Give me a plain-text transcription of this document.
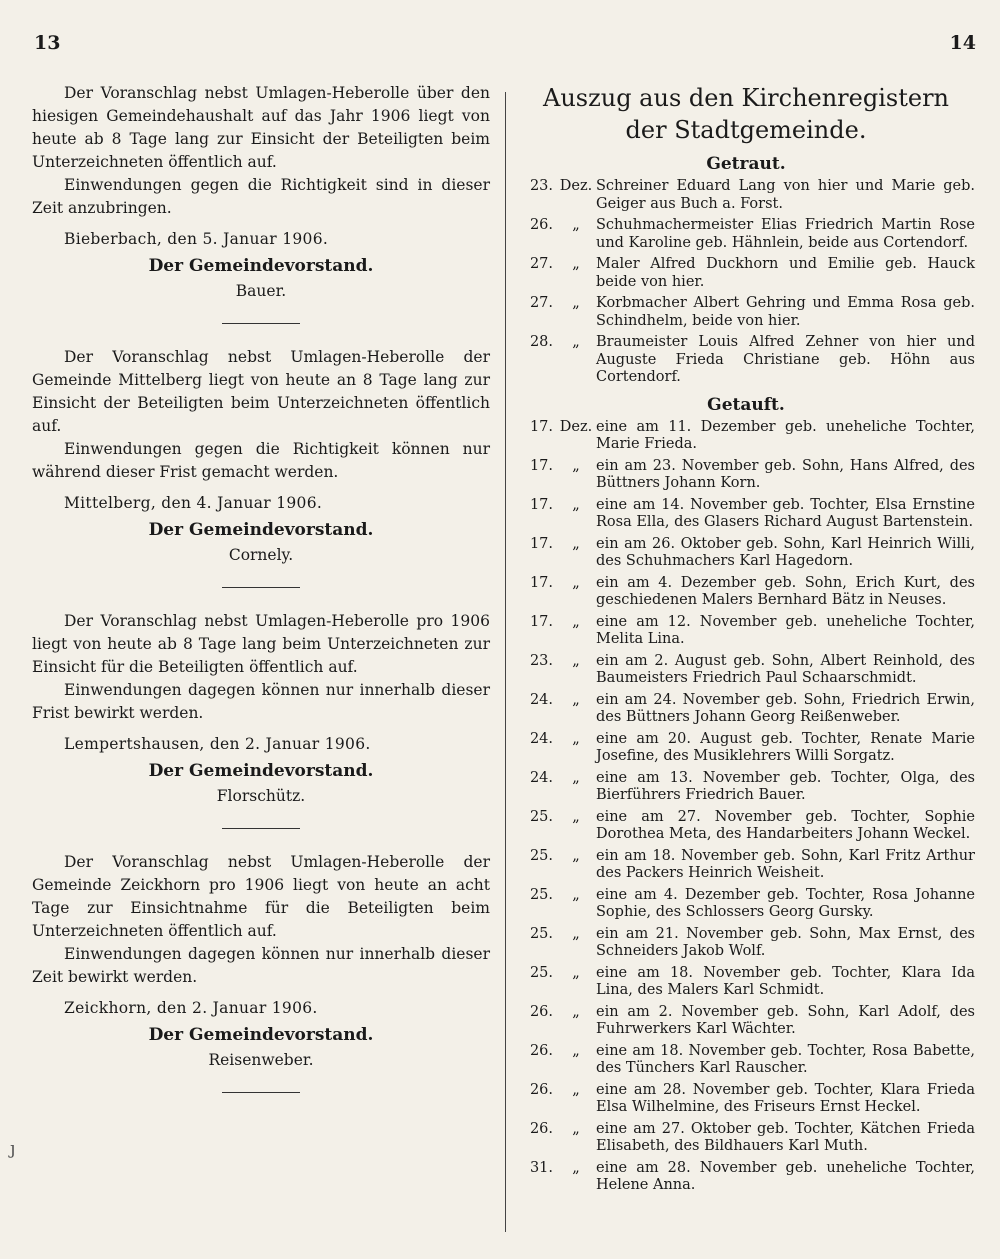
13	14

Der Voranschlag nebst Umlagen-Heberolle über den hiesigen Gemeindehaushalt auf das Jahr 1906 liegt von heute ab 8 Tage lang zur Einsicht der Beteiligten beim Unterzeichneten öffentlich auf.

Einwendungen gegen die Richtigkeit sind in dieser Zeit anzubringen.

Bieberbach, den 5. Januar 1906.

Der Gemeindevorstand.

Bauer.

Der Voranschlag nebst Umlagen-Heberolle der Gemeinde Mittelberg liegt von heute an 8 Tage lang zur Einsicht der Beteiligten beim Unterzeichneten öffentlich auf.

Einwendungen gegen die Richtigkeit können nur während dieser Frist gemacht werden.

Mittelberg, den 4. Januar 1906.

Der Gemeindevorstand.

Cornely.

Der Voranschlag nebst Umlagen-Heberolle pro 1906 liegt von heute ab 8 Tage lang beim Unterzeichneten zur Einsicht für die Beteiligten öffentlich auf.

Einwendungen dagegen können nur innerhalb dieser Frist bewirkt werden.

Lempertshausen, den 2. Januar 1906.

Der Gemeindevorstand.

Florschütz.

Der Voranschlag nebst Umlagen-Heberolle der Gemeinde Zeickhorn pro 1906 liegt von heute an acht Tage zur Einsichtnahme für die Beteiligten beim Unterzeichneten öffentlich auf.

Einwendungen dagegen können nur innerhalb dieser Zeit bewirkt werden.

Zeickhorn, den 2. Januar 1906.

Der Gemeindevorstand.

Reisenweber.

Auszug aus den Kirchenregistern

der Stadtgemeinde.

Getraut.

23. Dez. Schreiner Eduard Lang von hier und Marie geb. Geiger aus Buch a. Forst.
26.	„	Schuhmachermeister Elias Friedrich Martin Rose und Karoline geb. Hähnlein, beide aus Cortendorf.
27.	„	Maler Alfred Duckhorn und Emilie geb. Hauck beide von hier.
27.	„	Korbmacher Albert Gehring und Emma Rosa geb. Schindhelm, beide von hier.
28.	„	Braumeister Louis Alfred Zehner von hier und Auguste Frieda Christiane geb. Höhn aus Cortendorf.

Getauft.

17. Dez. eine am 11. Dezember geb. uneheliche Tochter, Marie Frieda.
17.	„	ein am 23. November geb. Sohn, Hans Alfred, des Büttners Johann Korn.
17.	„	eine am 14. November geb. Tochter, Elsa Ernstine Rosa Ella, des Glasers Richard August Bartenstein.
17.	„	ein am 26. Oktober geb. Sohn, Karl Heinrich Willi, des Schuhmachers Karl Hagedorn.
17.	„	ein am 4. Dezember geb. Sohn, Erich Kurt, des geschiedenen Malers Bernhard Bätz in Neuses.
17.	„	eine am 12. November geb. uneheliche Tochter, Melita Lina.
23.	„	ein am 2. August geb. Sohn, Albert Reinhold, des Baumeisters Friedrich Paul Schaarschmidt.
24.	„	ein am 24. November geb. Sohn, Friedrich Erwin, des Büttners Johann Georg Reißenweber.
24.	„	eine am 20. August geb. Tochter, Renate Marie Josefine, des Musiklehrers Willi Sorgatz.
24.	„	eine am 13. November geb. Tochter, Olga, des Bierführers Friedrich Bauer.
25.	„	eine am 27. November geb. Tochter, Sophie Dorothea Meta, des Handarbeiters Johann Weckel.
25.	„	ein am 18. November geb. Sohn, Karl Fritz Arthur des Packers Heinrich Weisheit.
25.	„	eine am 4. Dezember geb. Tochter, Rosa Johanne Sophie, des Schlossers Georg Gursky.
25.	„	ein am 21. November geb. Sohn, Max Ernst, des Schneiders Jakob Wolf.
25.	„	eine am 18. November geb. Tochter, Klara Ida Lina, des Malers Karl Schmidt.
26.	„	ein am 2. November geb. Sohn, Karl Adolf, des Fuhrwerkers Karl Wächter.
26.	„	eine am 18. November geb. Tochter, Rosa Babette, des Tünchers Karl Rauscher.
26.	„	eine am 28. November geb. Tochter, Klara Frieda Elsa Wilhelmine, des Friseurs Ernst Heckel.
26.	„	eine am 27. Oktober geb. Tochter, Kätchen Frieda Elisabeth, des Bildhauers Karl Muth.
31.	„	eine am 28. November geb. uneheliche Tochter, Helene Anna.
ȷ
